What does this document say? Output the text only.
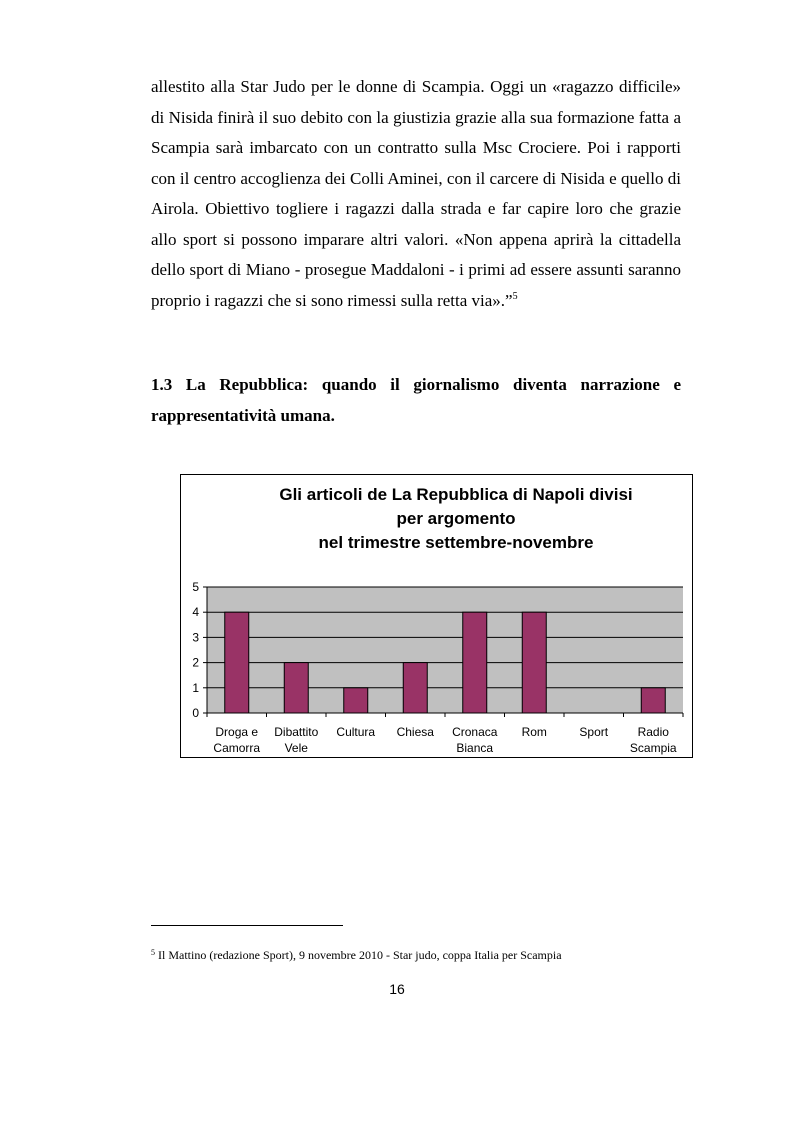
allestito alla Star Judo per le donne di Scampia. Oggi un «ragazzo difficile» di Nisida finirà il suo debito con la giustizia grazie alla sua formazione fatta a Scampia sarà imbarcato con un contratto sulla Msc Crociere. Poi i rapporti con il centro accoglienza dei Colli Aminei, con il carcere di Nisida e quello di Airola. Obiettivo togliere i ragazzi dalla strada e far capire loro che grazie allo sport si possono imparare altri valori. «Non appena aprirà la cittadella dello sport di Miano - prosegue Maddaloni - i primi ad essere assunti saranno proprio i ragazzi che si sono rimessi sulla retta via».”$^5$

1.3 La Repubblica: quando il giornalismo diventa narrazione e rappresentatività umana.

Gli articoli de La Repubblica di Napoli divisi
per argomento
nel trimestre settembre-novembre
0
1
2
3
4
5
Droga e Camorra
Dibattito Vele
Cultura Chiesa Cronaca Bianca
Rom	Sport	Radio Scampia

$^5$ Il Mattino (redazione Sport), 9 novembre 2010 - Star judo, coppa Italia per Scampia

16
